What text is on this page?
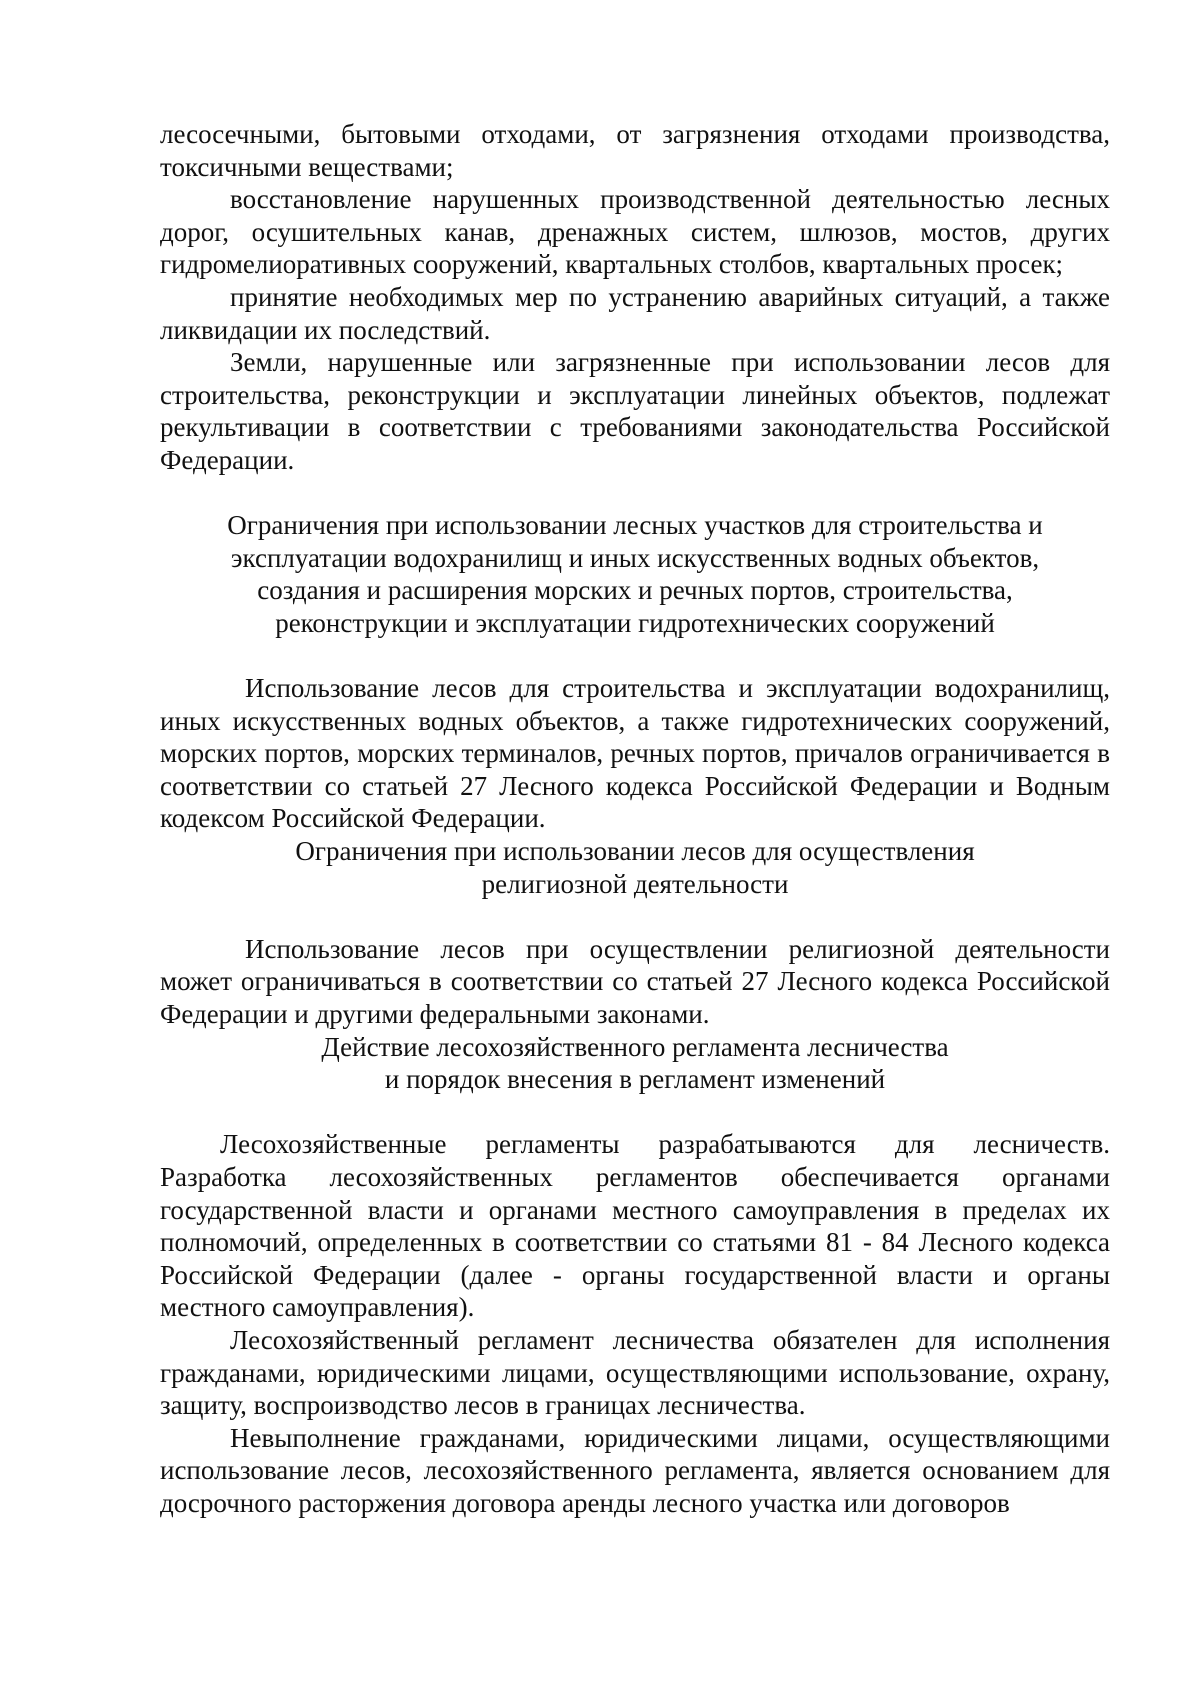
лесосечными, бытовыми отходами, от загрязнения отходами производства, токсичными веществами;

восстановление нарушенных производственной деятельностью лесных дорог, осушительных канав, дренажных систем, шлюзов, мостов, других гидромелиоративных сооружений, квартальных столбов, квартальных просек;

принятие необходимых мер по устранению аварийных ситуаций, а также ликвидации их последствий.

Земли, нарушенные или загрязненные при использовании лесов для строительства, реконструкции и эксплуатации линейных объектов, подлежат рекультивации в соответствии с требованиями законодательства Российской Федерации.

Ограничения при использовании лесных участков для строительства и
эксплуатации водохранилищ и иных искусственных водных объектов,
создания и расширения морских и речных портов, строительства,
реконструкции и эксплуатации гидротехнических сооружений

Использование лесов для строительства и эксплуатации водохранилищ, иных искусственных водных объектов, а также гидротехнических сооружений, морских портов, морских терминалов, речных портов, причалов ограничивается в соответствии со статьей 27 Лесного кодекса Российской Федерации и Водным кодексом Российской Федерации.

Ограничения при использовании лесов для осуществления
религиозной деятельности

Использование лесов при осуществлении религиозной деятельности может ограничиваться в соответствии со статьей 27 Лесного кодекса Российской Федерации и другими федеральными законами.

Действие лесохозяйственного регламента лесничества
и порядок внесения в регламент изменений

Лесохозяйственные регламенты разрабатываются для лесничеств. Разработка лесохозяйственных регламентов обеспечивается органами государственной власти и органами местного самоуправления в пределах их полномочий, определенных в соответствии со статьями 81 - 84 Лесного кодекса Российской Федерации (далее - органы государственной власти и органы местного самоуправления).

Лесохозяйственный регламент лесничества обязателен для исполнения гражданами, юридическими лицами, осуществляющими использование, охрану, защиту, воспроизводство лесов в границах лесничества.

Невыполнение гражданами, юридическими лицами, осуществляющими использование лесов, лесохозяйственного регламента, является основанием для досрочного расторжения договора аренды лесного участка или договоров
